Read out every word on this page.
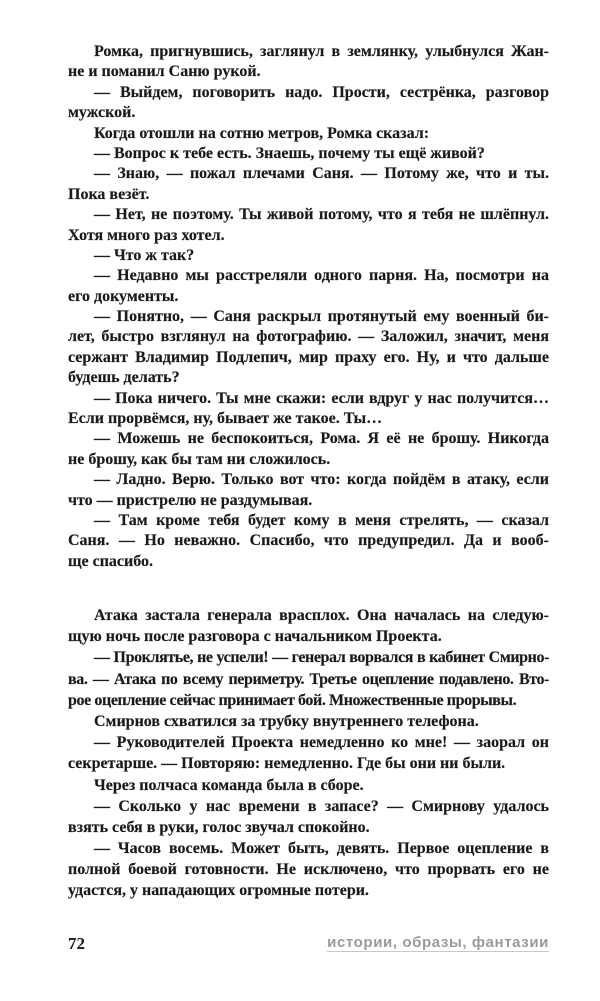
Ромка, пригнувшись, заглянул в землянку, улыбнулся Жан-
не и поманил Саню рукой.
— Выйдем, поговорить надо. Прости, сестрёнка, разговор
мужской.
Когда отошли на сотню метров, Ромка сказал:
— Вопрос к тебе есть. Знаешь, почему ты ещё живой?
— Знаю, — пожал плечами Саня. — Потому же, что и ты.
Пока везёт.
— Нет, не поэтому. Ты живой потому, что я тебя не шлёпнул.
Хотя много раз хотел.
— Что ж так?
— Недавно мы расстреляли одного парня. На, посмотри на
его документы.
— Понятно, — Саня раскрыл протянутый ему военный би-
лет, быстро взглянул на фотографию. — Заложил, значит, меня
сержант Владимир Подлепич, мир праху его. Ну, и что дальше
будешь делать?
— Пока ничего. Ты мне скажи: если вдруг у нас получится…
Если прорвёмся, ну, бывает же такое. Ты…
— Можешь не беспокоиться, Рома. Я её не брошу. Никогда
не брошу, как бы там ни сложилось.
— Ладно. Верю. Только вот что: когда пойдём в атаку, если
что — пристрелю не раздумывая.
— Там кроме тебя будет кому в меня стрелять, — сказал
Саня. — Но неважно. Спасибо, что предупредил. Да и вооб-
ще спасибо.
Атака застала генерала врасплох. Она началась на следую-
щую ночь после разговора с начальником Проекта.
— Проклятье, не успели! — генерал ворвался в кабинет Смирно-
ва. — Атака по всему периметру. Третье оцепление подавлено. Вто-
рое оцепление сейчас принимает бой. Множественные прорывы.
Смирнов схватился за трубку внутреннего телефона.
— Руководителей Проекта немедленно ко мне! — заорал он
секретарше. — Повторяю: немедленно. Где бы они ни были.
Через полчаса команда была в сборе.
— Сколько у нас времени в запасе? — Смирнову удалось
взять себя в руки, голос звучал спокойно.
— Часов восемь. Может быть, девять. Первое оцепление в
полной боевой готовности. Не исключено, что прорвать его не
удастся, у нападающих огромные потери.
72	истории, образы, фантазии
